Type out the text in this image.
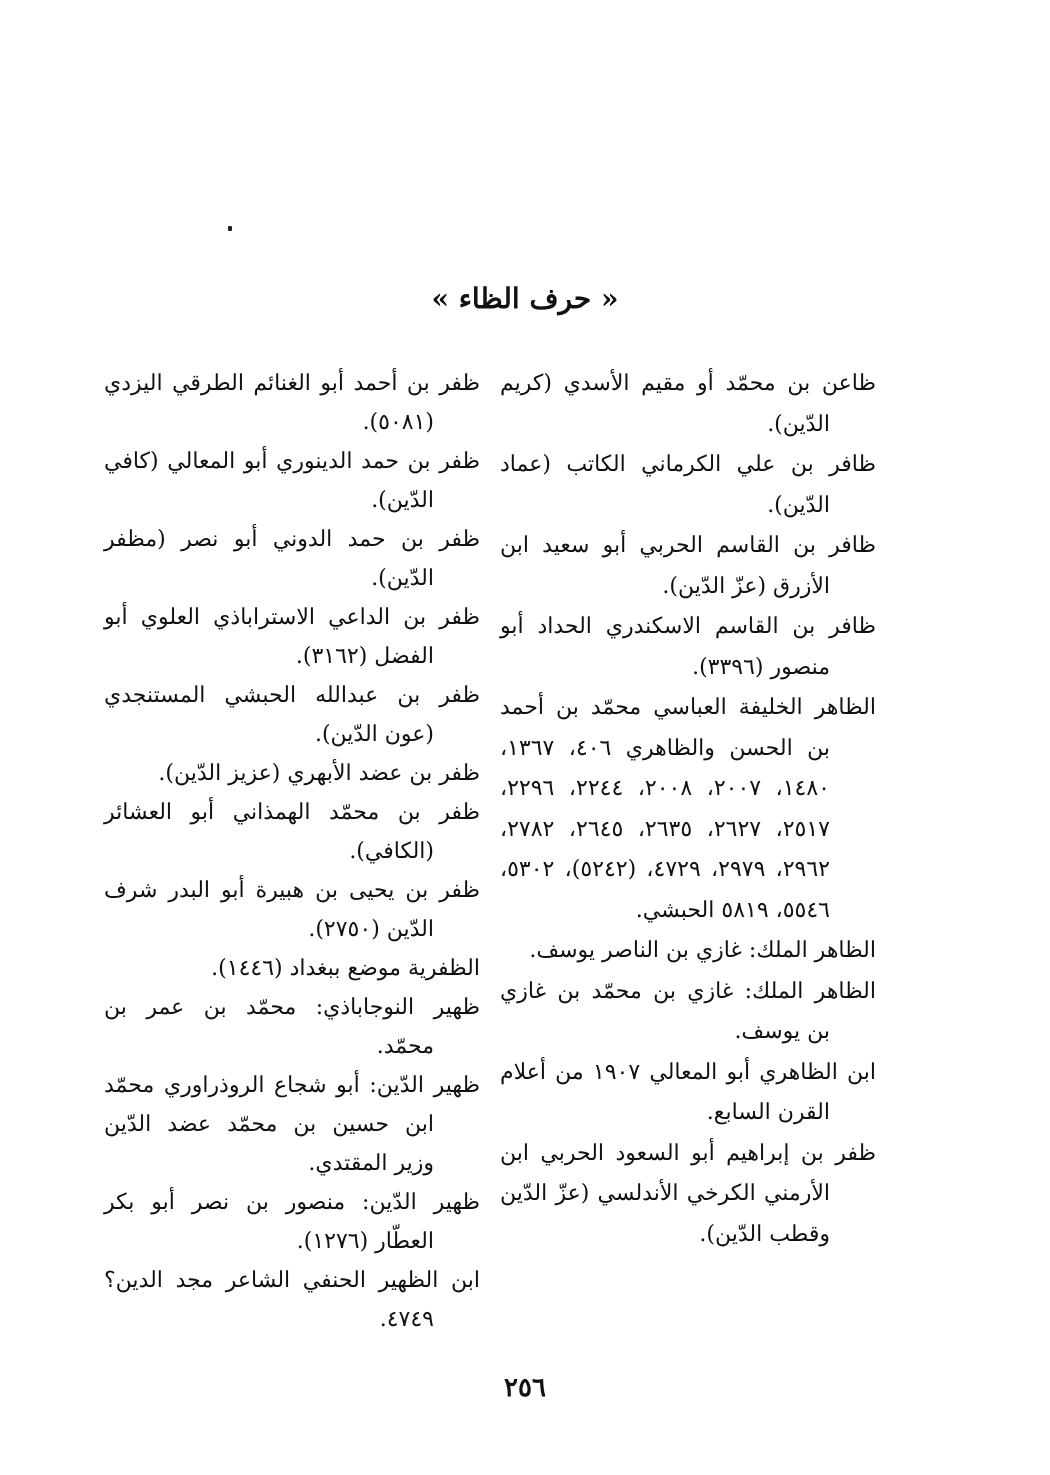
« حرف الظاء »

ظاعن بن محمّد أو مقيم الأسدي (كريم الدّين).

ظافر بن علي الكرماني الكاتب (عماد الدّين).

ظافر بن القاسم الحربي أبو سعيد ابن الأزرق (عزّ الدّين).

ظافر بن القاسم الاسكندري الحداد أبو منصور (٣٣٩٦).

الظاهر الخليفة العباسي محمّد بن أحمد بن الحسن والظاهري ٤٠٦، ١٣٦٧، ١٤٨٠، ٢٠٠٧، ٢٠٠٨، ٢٢٤٤، ٢٢٩٦، ٢٥١٧، ٢٦٢٧، ٢٦٣٥، ٢٦٤٥، ٢٧٨٢، ٢٩٦٢، ٢٩٧٩، ٤٧٢٩، (٥٢٤٢)، ٥٣٠٢، ٥٥٤٦، ٥٨١٩ الحبشي.

الظاهر الملك: غازي بن الناصر يوسف.

الظاهر الملك: غازي بن محمّد بن غازي بن يوسف.

ابن الظاهري أبو المعالي ١٩٠٧ من أعلام القرن السابع.

ظفر بن إبراهيم أبو السعود الحربي ابن الأرمني الكرخي الأندلسي (عزّ الدّين وقطب الدّين).

ظفر بن أحمد أبو الغنائم الطرقي اليزدي (٥٠٨١).

ظفر بن حمد الدينوري أبو المعالي (كافي الدّين).

ظفر بن حمد الدوني أبو نصر (مظفر الدّين).

ظفر بن الداعي الاستراباذي العلوي أبو الفضل (٣١٦٢).

ظفر بن عبدالله الحبشي المستنجدي (عون الدّين).

ظفر بن عضد الأبهري (عزيز الدّين).

ظفر بن محمّد الهمذاني أبو العشائر (الكافي).

ظفر بن يحيى بن هبيرة أبو البدر شرف الدّين (٢٧٥٠).

الظفرية موضع ببغداد (١٤٤٦).

ظهير النوجاباذي: محمّد بن عمر بن محمّد.

ظهير الدّين: أبو شجاع الروذراوري محمّد ابن حسين بن محمّد عضد الدّين وزير المقتدي.

ظهير الدّين: منصور بن نصر أبو بكر العطّار (١٢٧٦).

ابن الظهير الحنفي الشاعر مجد الدين؟ ٤٧٤٩.

٢٥٦
